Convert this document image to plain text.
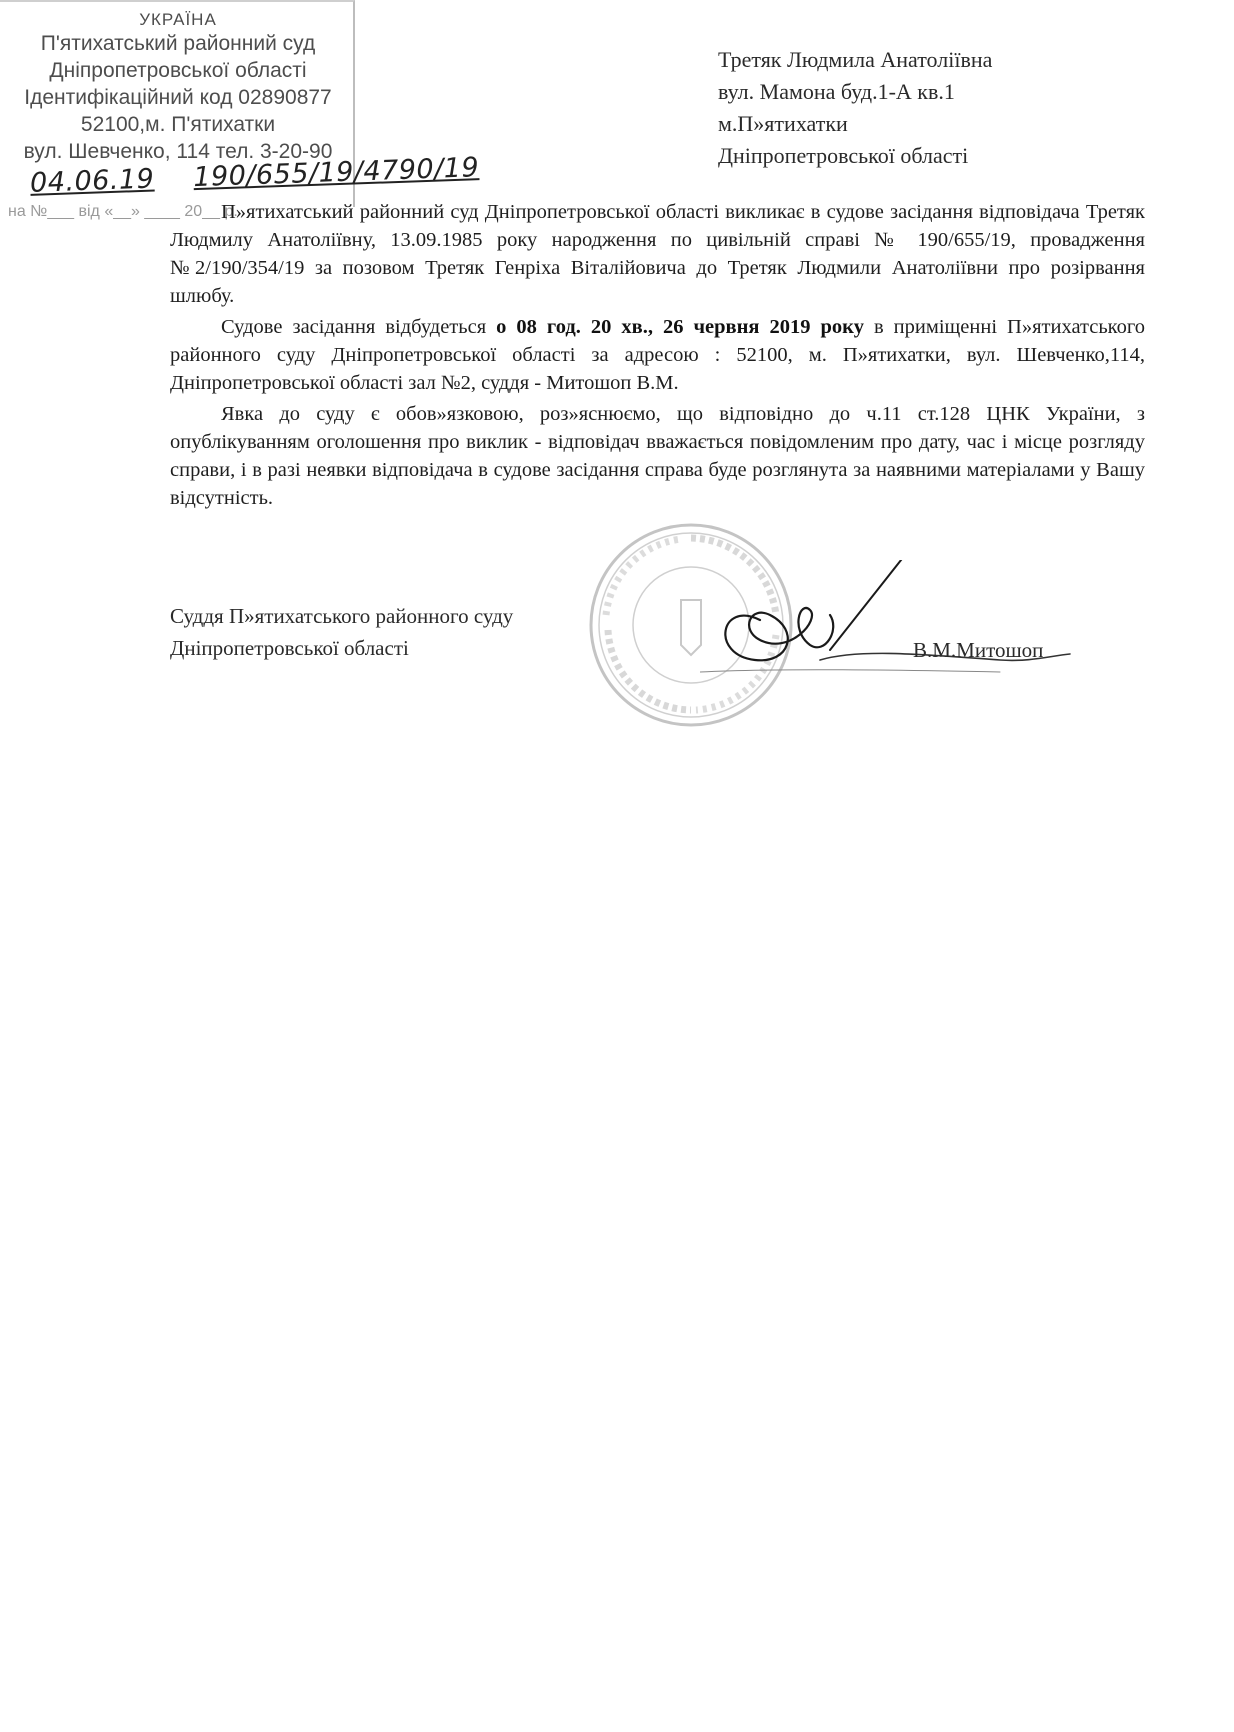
УКРАЇНА
П'ятихатський районний суд
Дніпропетровської області
Ідентифікаційний код 02890877
52100,м. П'ятихатки
вул. Шевченко, 114 тел. 3-20-90
04.06.19 190/655/19/4790/19
на №___ від «__» ____ 20__ р.
Третяк Людмила Анатоліївна
вул. Мамона буд.1-А кв.1
м.П»ятихатки
Дніпропетровської області

П»ятихатський районний суд Дніпропетровської області викликає в судове засідання відповідача Третяк Людмилу Анатоліївну, 13.09.1985 року народження по цивільній справі № 190/655/19, провадження №2/190/354/19 за позовом Третяк Генріха Віталійовича до Третяк Людмили Анатоліївни про розірвання шлюбу.

Судове засідання відбудеться о 08 год. 20 хв., 26 червня 2019 року в приміщенні П»ятихатського районного суду Дніпропетровської області за адресою : 52100, м. П»ятихатки, вул. Шевченко,114, Дніпропетровської області зал №2, суддя - Митошоп В.М.

Явка до суду є обов»язковою, роз»яснюємо, що відповідно до ч.11 ст.128 ЦНК України, з опублікуванням оголошення про виклик - відповідач вважається повідомленим про дату, час і місце розгляду справи, і в разі неявки відповідача в судове засідання справа буде розглянута за наявними матеріалами у Вашу відсутність.

Суддя П»ятихатського районного суду
Дніпропетровської області	В.М.Митошоп
